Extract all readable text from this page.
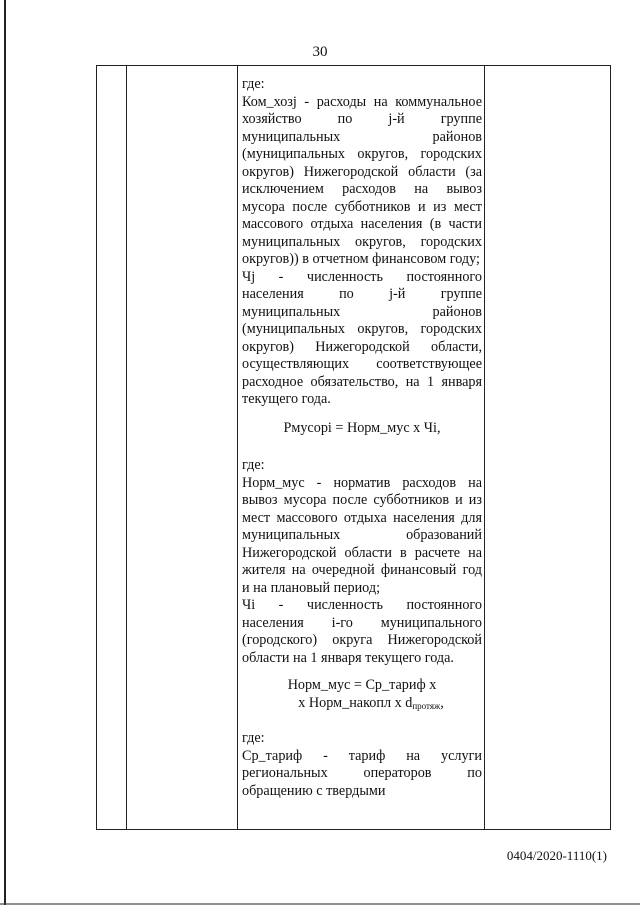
30

где:

Ком_хозj - расходы на коммунальное хозяйство по j-й группе муниципальных районов (муниципальных округов, городских округов) Нижегородской области (за исключением расходов на вывоз мусора после субботников и из мест массового отдыха населения (в части муниципальных округов, городских округов)) в отчетном финансовом году;

Чj - численность постоянного населения по j-й группе муниципальных районов (муниципальных округов, городских округов) Нижегородской области, осуществляющих соответствующее расходное обязательство, на 1 января текущего года.

Рмусорi = Норм_мус х Чi,

где:

Норм_мус - норматив расходов на вывоз мусора после субботников и из мест массового отдыха населения для муниципальных образований Нижегородской области в расчете на жителя на очередной финансовый год и на плановый период;

Чi - численность постоянного населения i-го муниципального (городского) округа Нижегородской области на 1 января текущего года.

Норм_мус = Ср_тариф х

х Норм_накопл х $d_{протяж}$,

где:

Ср_тариф - тариф на услуги региональных операторов по обращению с твердыми

0404/2020-1110(1)
